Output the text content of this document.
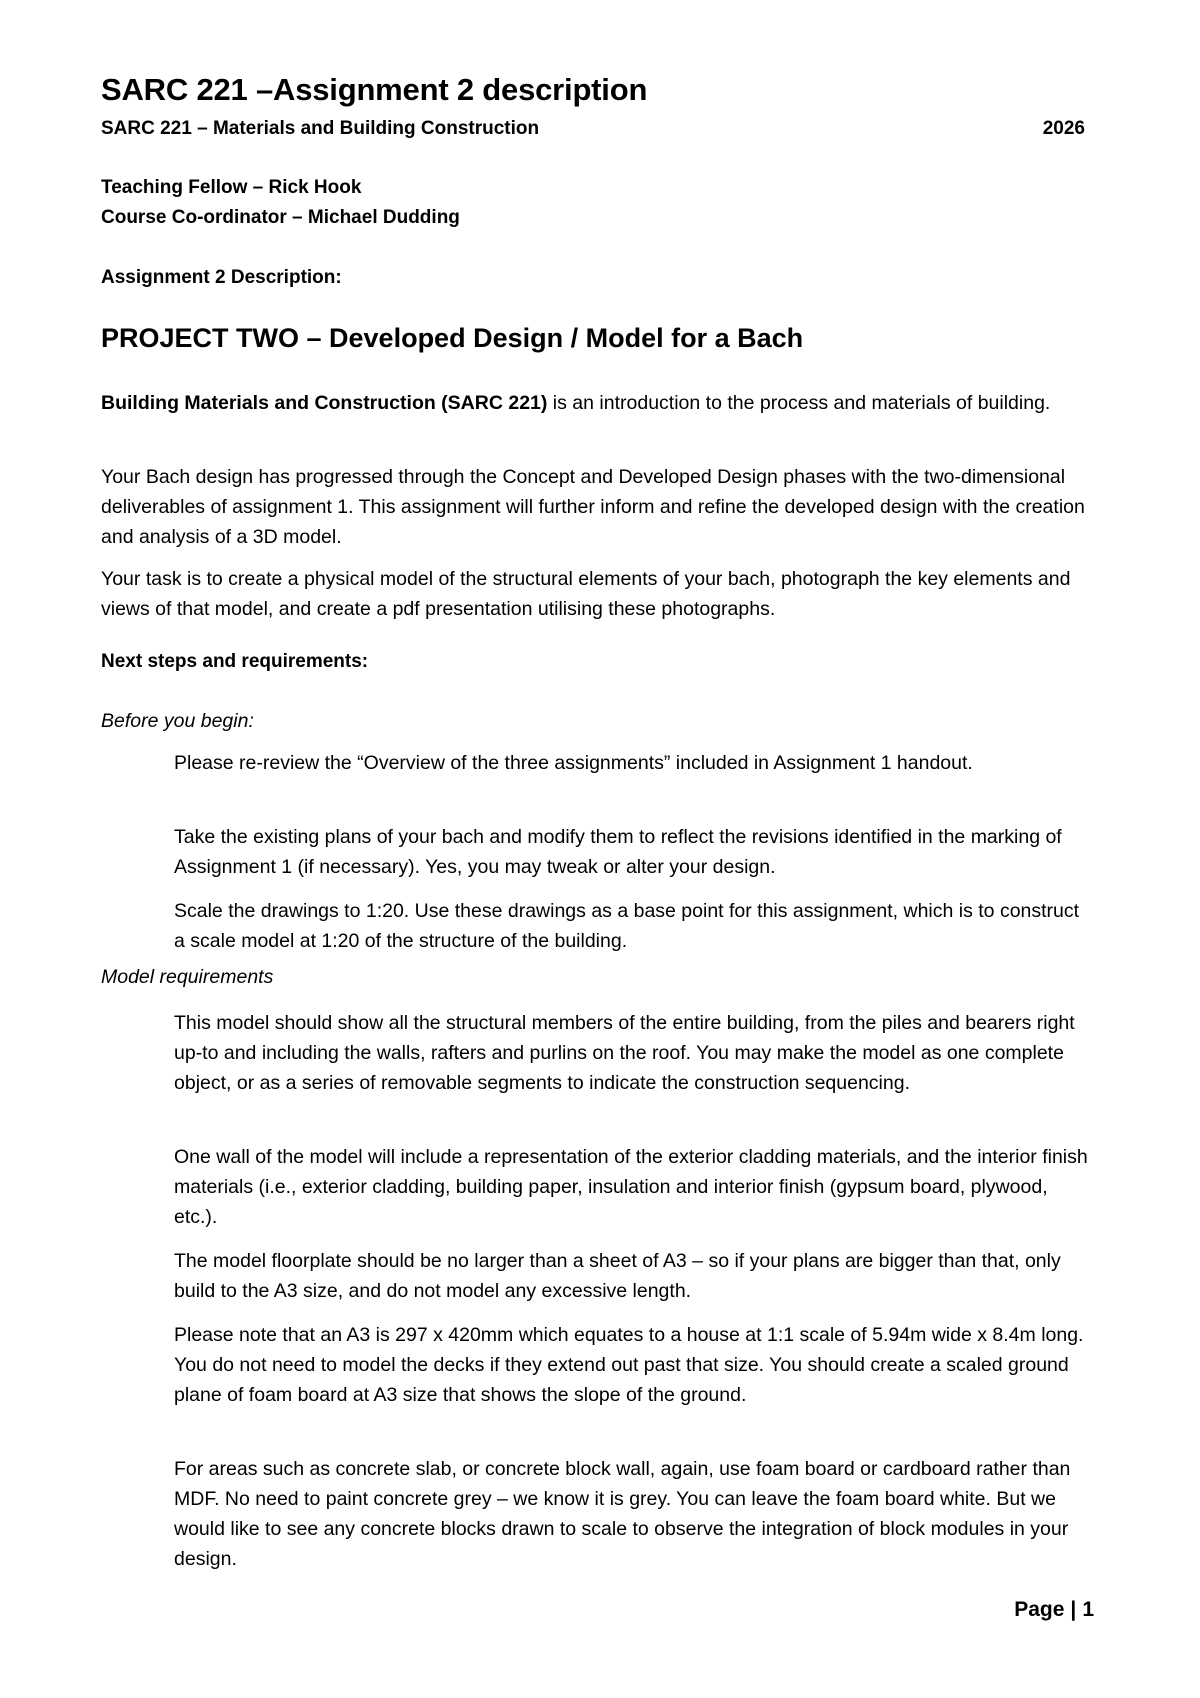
SARC 221 –Assignment 2 description
SARC 221 – Materials and Building Construction	2026
Teaching Fellow – Rick Hook
Course Co-ordinator – Michael Dudding
Assignment 2 Description:
PROJECT TWO – Developed Design / Model for a Bach
Building Materials and Construction (SARC 221) is an introduction to the process and materials of building.
Your Bach design has progressed through the Concept and Developed Design phases with the two-dimensional deliverables of assignment 1. This assignment will further inform and refine the developed design with the creation and analysis of a 3D model.
Your task is to create a physical model of the structural elements of your bach, photograph the key elements and views of that model, and create a pdf presentation utilising these photographs.
Next steps and requirements:
Before you begin:
Please re-review the “Overview of the three assignments” included in Assignment 1 handout.
Take the existing plans of your bach and modify them to reflect the revisions identified in the marking of Assignment 1 (if necessary). Yes, you may tweak or alter your design.
Scale the drawings to 1:20. Use these drawings as a base point for this assignment, which is to construct a scale model at 1:20 of the structure of the building.
Model requirements
This model should show all the structural members of the entire building, from the piles and bearers right up-to and including the walls, rafters and purlins on the roof. You may make the model as one complete object, or as a series of removable segments to indicate the construction sequencing.
One wall of the model will include a representation of the exterior cladding materials, and the interior finish materials (i.e., exterior cladding, building paper, insulation and interior finish (gypsum board, plywood, etc.).
The model floorplate should be no larger than a sheet of A3 – so if your plans are bigger than that, only build to the A3 size, and do not model any excessive length.
Please note that an A3 is 297 x 420mm which equates to a house at 1:1 scale of 5.94m wide x 8.4m long. You do not need to model the decks if they extend out past that size. You should create a scaled ground plane of foam board at A3 size that shows the slope of the ground.
For areas such as concrete slab, or concrete block wall, again, use foam board or cardboard rather than MDF. No need to paint concrete grey – we know it is grey. You can leave the foam board white. But we would like to see any concrete blocks drawn to scale to observe the integration of block modules in your design.
Page | 1
